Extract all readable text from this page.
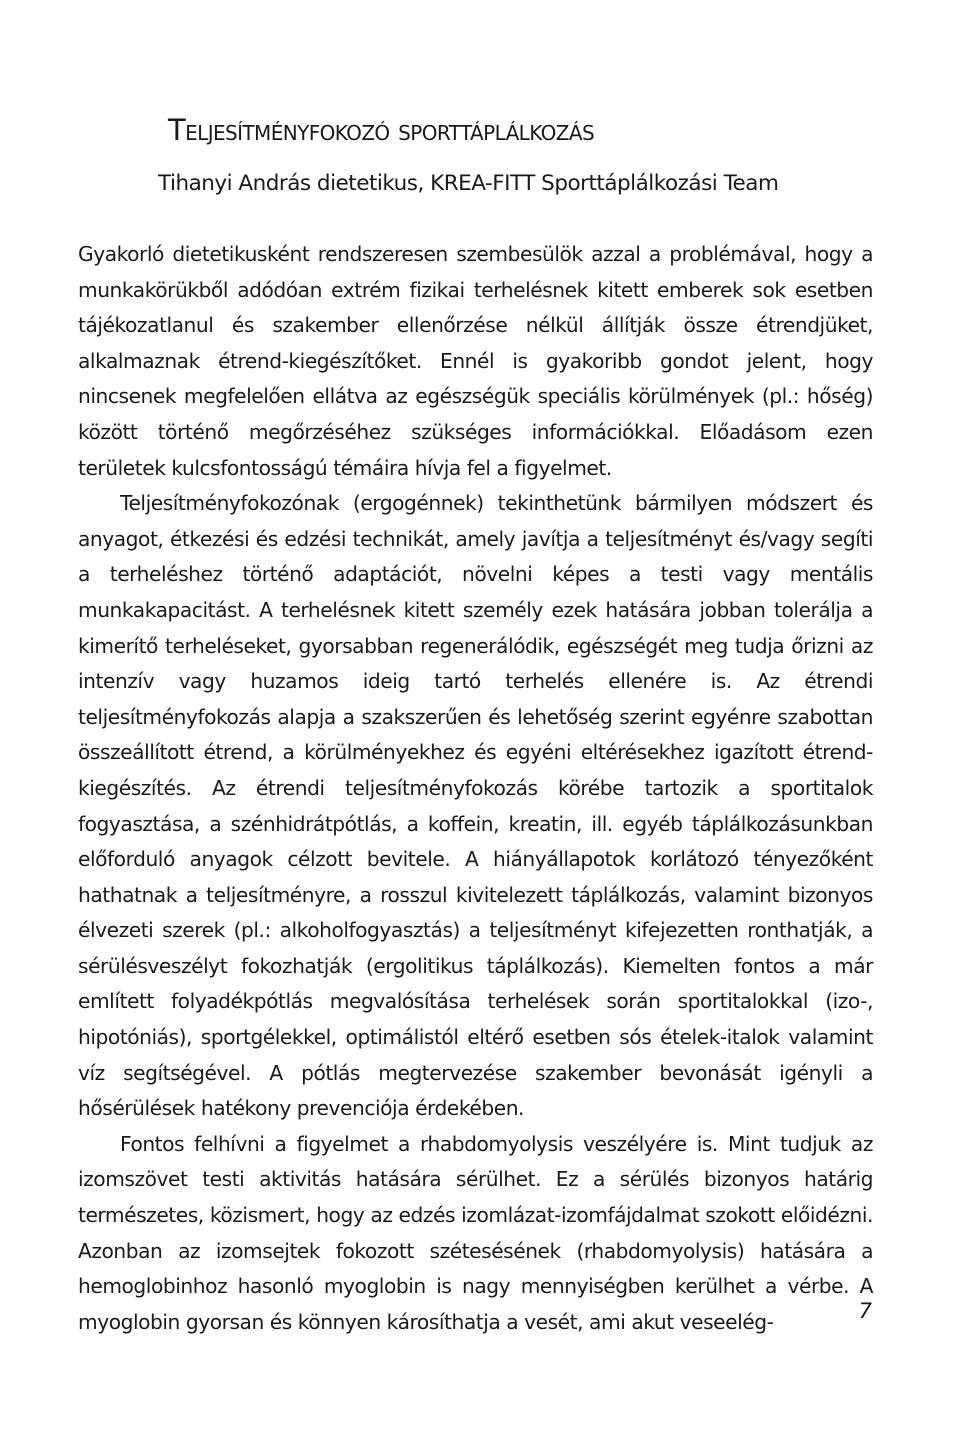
Teljesítményfokozó sporttáplálkozás

Tihanyi András dietetikus, KREA-FITT Sporttáplálkozási Team

Gyakorló dietetikusként rendszeresen szembesülök azzal a problémával, hogy a munkakörükből adódóan extrém fizikai terhelésnek kitett emberek sok esetben tájékozatlanul és szakember ellenőrzése nélkül állítják össze étrendjüket, alkalmaznak étrend-kiegészítőket. Ennél is gyakoribb gondot jelent, hogy nincsenek megfelelően ellátva az egészségük speciális körülmények (pl.: hőség) között történő megőrzéséhez szükséges információkkal. Előadásom ezen területek kulcsfontosságú témáira hívja fel a figyelmet.

Teljesítményfokozónak (ergogénnek) tekinthetünk bármilyen módszert és anyagot, étkezési és edzési technikát, amely javítja a teljesítményt és/vagy segíti a terheléshez történő adaptációt, növelni képes a testi vagy mentális munkakapacitást. A terhelésnek kitett személy ezek hatására jobban tolerálja a kimerítő terheléseket, gyorsabban regenerálódik, egészségét meg tudja őrizni az intenzív vagy huzamos ideig tartó terhelés ellenére is. Az étrendi teljesítményfokozás alapja a szakszerűen és lehetőség szerint egyénre szabottan összeállított étrend, a körülményekhez és egyéni eltérésekhez igazított étrend-kiegészítés. Az étrendi teljesítményfokozás körébe tartozik a sportitalok fogyasztása, a szénhidrátpótlás, a koffein, kreatin, ill. egyéb táplálkozásunkban előforduló anyagok célzott bevitele. A hiányállapotok korlátozó tényezőként hathatnak a teljesítményre, a rosszul kivitelezett táplálkozás, valamint bizonyos élvezeti szerek (pl.: alkoholfogyasztás) a teljesítményt kifejezetten ronthatják, a sérülésveszélyt fokozhatják (ergolitikus táplálkozás). Kiemelten fontos a már említett folyadékpótlás megvalósítása terhelések során sportitalokkal (izo-, hipotóniás), sportgélekkel, optimálistól eltérő esetben sós ételek-italok valamint víz segítségével. A pótlás megtervezése szakember bevonását igényli a hősérülések hatékony prevenciója érdekében.

Fontos felhívni a figyelmet a rhabdomyolysis veszélyére is. Mint tudjuk az izomszövet testi aktivitás hatására sérülhet. Ez a sérülés bizonyos határig természetes, közismert, hogy az edzés izomlázat-izomfájdalmat szokott előidézni. Azonban az izomsejtek fokozott szétesésének (rhabdomyolysis) hatására a hemoglobinhoz hasonló myoglobin is nagy mennyiségben kerülhet a vérbe. A myoglobin gyorsan és könnyen károsíthatja a vesét, ami akut veseelég-	7
